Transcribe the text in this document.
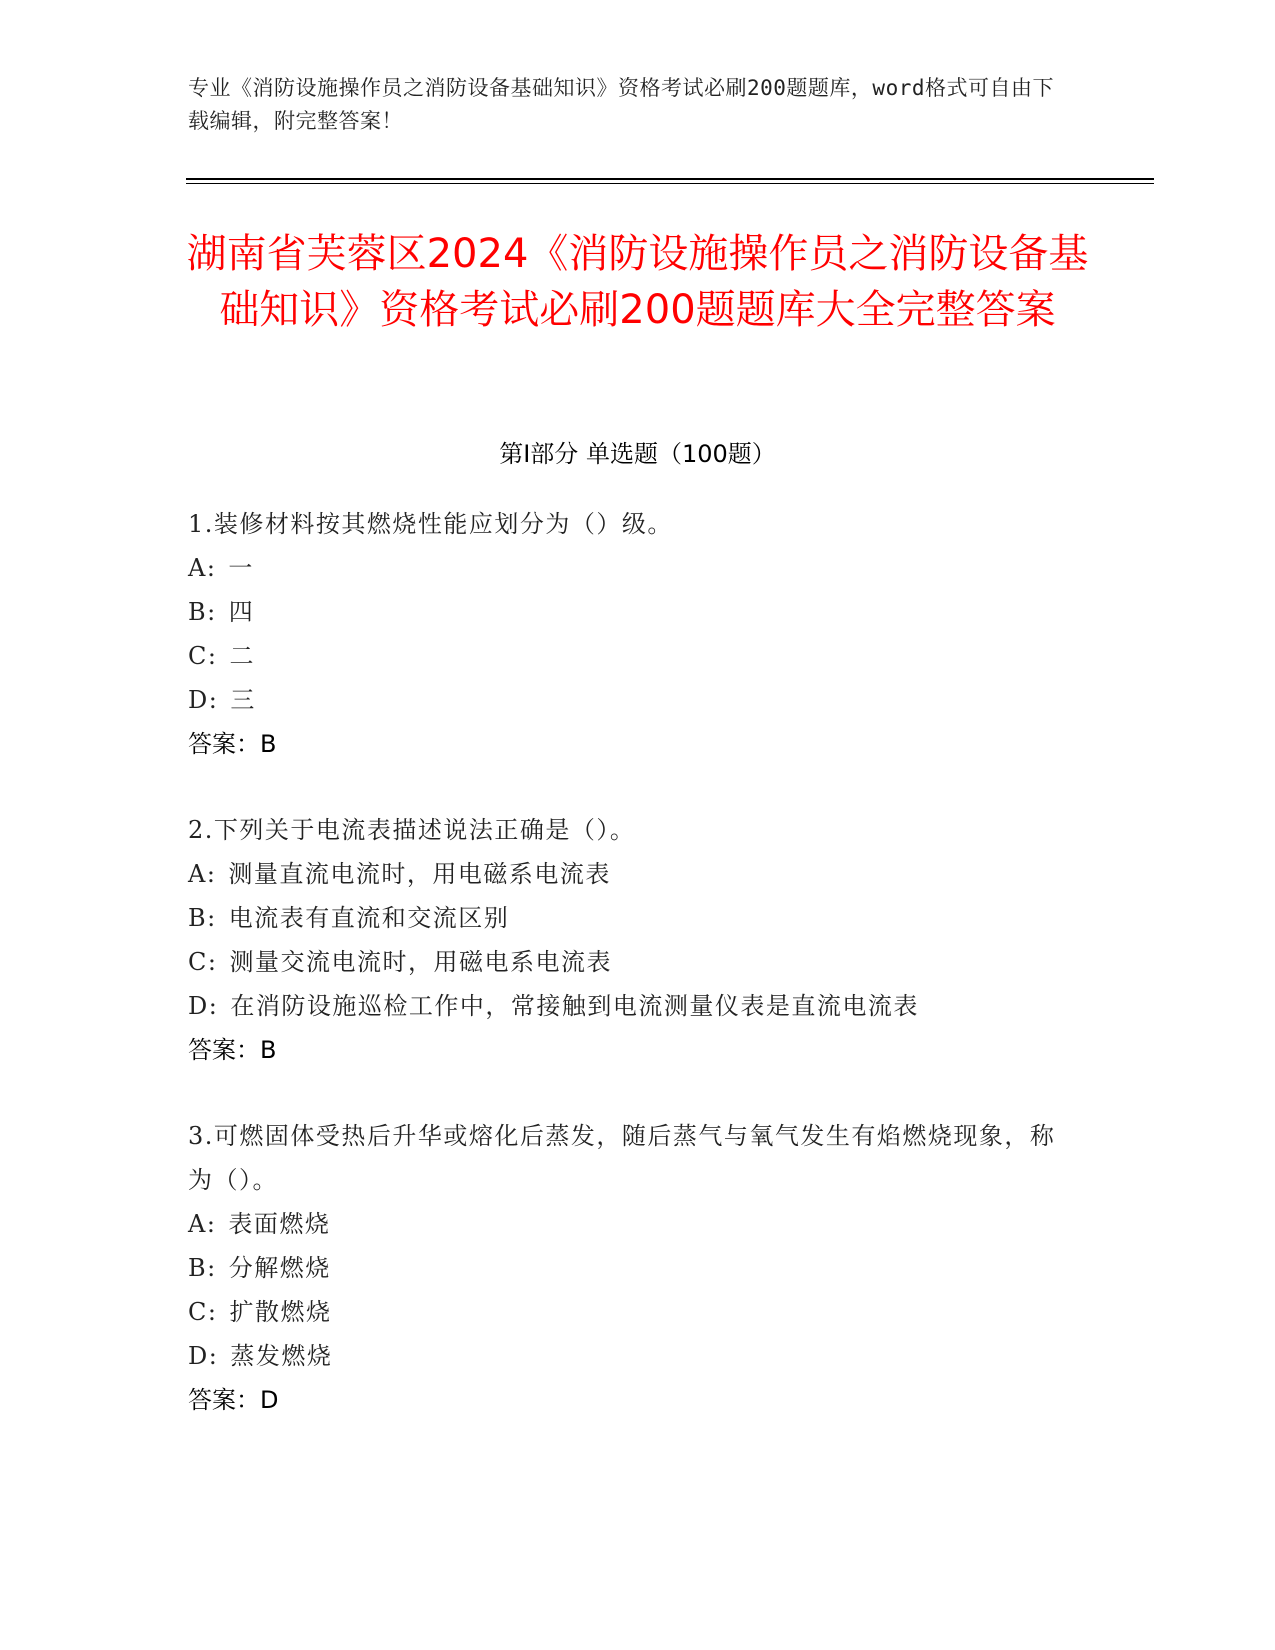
专业《消防设施操作员之消防设备基础知识》资格考试必刷200题题库，word格式可自由下载编辑，附完整答案！
湖南省芙蓉区2024《消防设施操作员之消防设备基础知识》资格考试必刷200题题库大全完整答案
第Ⅰ部分 单选题（100题）
1.装修材料按其燃烧性能应划分为（）级。
A: 一
B: 四
C: 二
D: 三
答案：B
2.下列关于电流表描述说法正确是（）。
A: 测量直流电流时，用电磁系电流表
B: 电流表有直流和交流区别
C: 测量交流电流时，用磁电系电流表
D: 在消防设施巡检工作中，常接触到电流测量仪表是直流电流表
答案：B
3.可燃固体受热后升华或熔化后蒸发，随后蒸气与氧气发生有焰燃烧现象，称为（）。
A: 表面燃烧
B: 分解燃烧
C: 扩散燃烧
D: 蒸发燃烧
答案：D
